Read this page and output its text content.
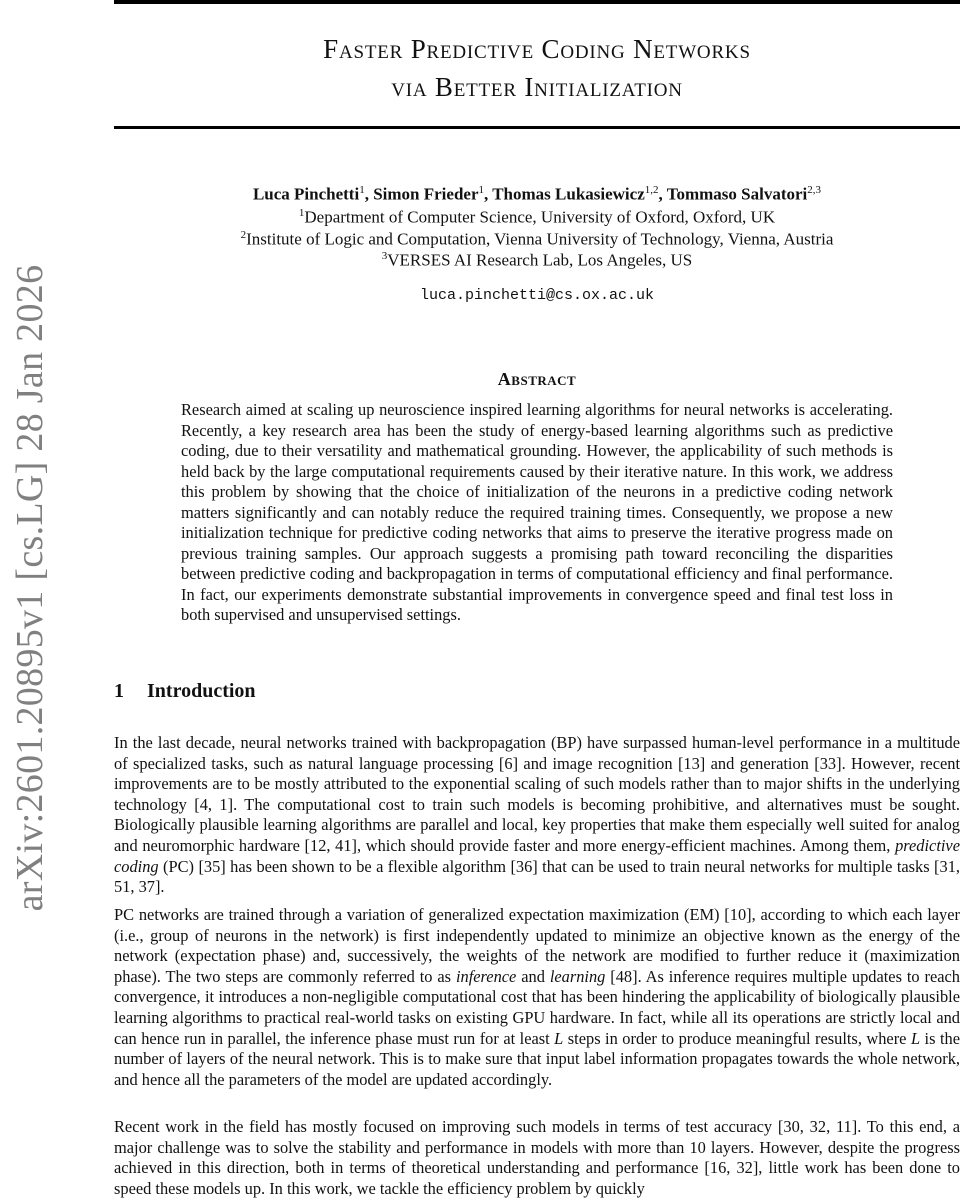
arXiv:2601.20895v1 [cs.LG] 28 Jan 2026
Faster Predictive Coding Networks
via Better Initialization
Luca Pinchetti$^1$, Simon Frieder$^1$, Thomas Lukasiewicz$^{1,2}$, Tommaso Salvatori$^{2,3}$
$^1$Department of Computer Science, University of Oxford, Oxford, UK
$^2$Institute of Logic and Computation, Vienna University of Technology, Vienna, Austria
$^3$VERSES AI Research Lab, Los Angeles, US
luca.pinchetti@cs.ox.ac.uk
Abstract

Research aimed at scaling up neuroscience inspired learning algorithms for neural networks is accelerating. Recently, a key research area has been the study of energy-based learning algorithms such as predictive coding, due to their versatility and mathematical grounding. However, the applicability of such methods is held back by the large computational requirements caused by their iterative nature. In this work, we address this problem by showing that the choice of initialization of the neurons in a predictive coding network matters significantly and can notably reduce the required training times. Consequently, we propose a new initialization technique for predictive coding networks that aims to preserve the iterative progress made on previous training samples. Our approach suggests a promising path toward reconciling the disparities between predictive coding and backpropagation in terms of computational efficiency and final performance. In fact, our experiments demonstrate substantial improvements in convergence speed and final test loss in both supervised and unsupervised settings.

1 Introduction

In the last decade, neural networks trained with backpropagation (BP) have surpassed human-level performance in a multitude of specialized tasks, such as natural language processing [6] and image recognition [13] and generation [33]. However, recent improvements are to be mostly attributed to the exponential scaling of such models rather than to major shifts in the underlying technology [4, 1]. The computational cost to train such models is becoming prohibitive, and alternatives must be sought. Biologically plausible learning algorithms are parallel and local, key properties that make them especially well suited for analog and neuromorphic hardware [12, 41], which should provide faster and more energy-efficient machines. Among them, predictive coding (PC) [35] has been shown to be a flexible algorithm [36] that can be used to train neural networks for multiple tasks [31, 51, 37].

PC networks are trained through a variation of generalized expectation maximization (EM) [10], according to which each layer (i.e., group of neurons in the network) is first independently updated to minimize an objective known as the energy of the network (expectation phase) and, successively, the weights of the network are modified to further reduce it (maximization phase). The two steps are commonly referred to as inference and learning [48]. As inference requires multiple updates to reach convergence, it introduces a non-negligible computational cost that has been hindering the applicability of biologically plausible learning algorithms to practical real-world tasks on existing GPU hardware. In fact, while all its operations are strictly local and can hence run in parallel, the inference phase must run for at least L steps in order to produce meaningful results, where L is the number of layers of the neural network. This is to make sure that input label information propagates towards the whole network, and hence all the parameters of the model are updated accordingly.

Recent work in the field has mostly focused on improving such models in terms of test accuracy [30, 32, 11]. To this end, a major challenge was to solve the stability and performance in models with more than 10 layers. However, despite the progress achieved in this direction, both in terms of theoretical understanding and performance [16, 32], little work has been done to speed these models up. In this work, we tackle the efficiency problem by quickly
